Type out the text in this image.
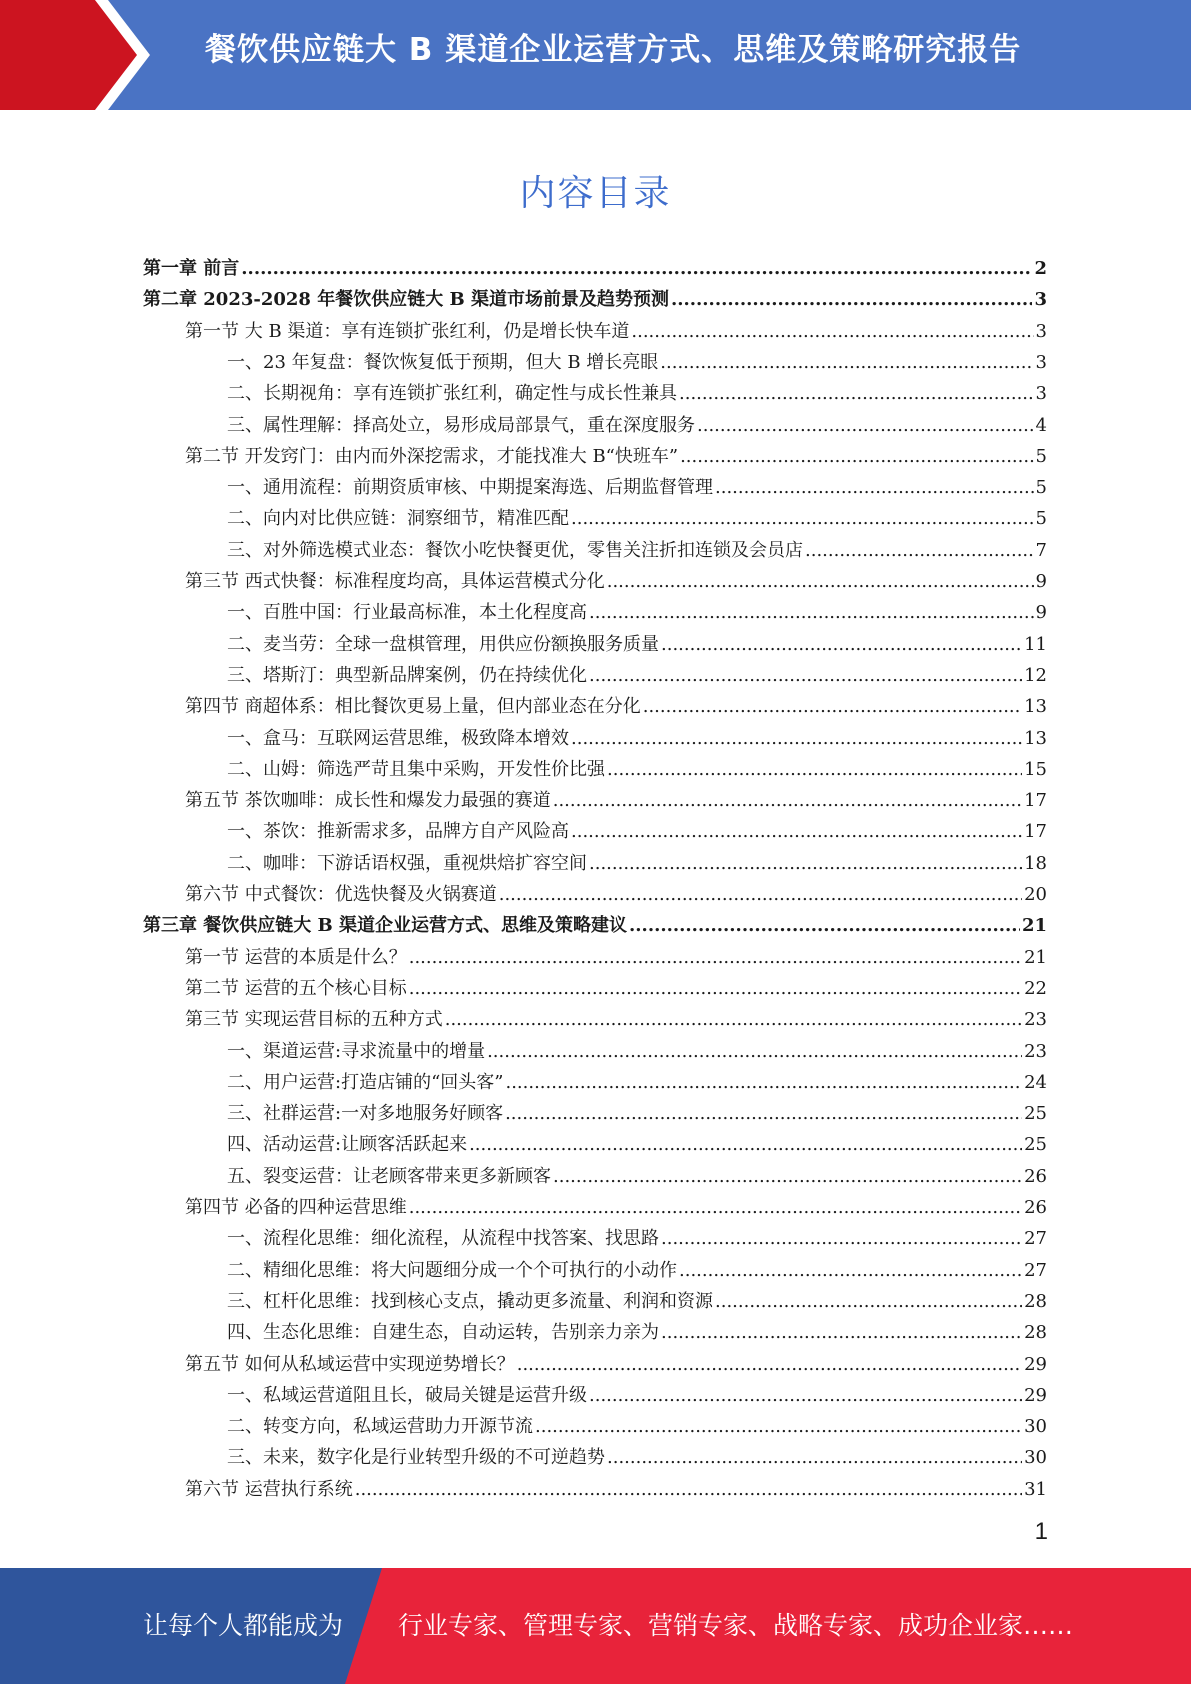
餐饮供应链大 B 渠道企业运营方式、思维及策略研究报告
内容目录
第一章 前言 .....	2
第二章 2023-2028 年餐饮供应链大 B 渠道市场前景及趋势预测 .....	3
第一节 大 B 渠道：享有连锁扩张红利，仍是增长快车道 .....	3
一、23 年复盘：餐饮恢复低于预期，但大 B 增长亮眼 .....	3
二、长期视角：享有连锁扩张红利，确定性与成长性兼具 .....	3
三、属性理解：择高处立，易形成局部景气，重在深度服务 .....	4
第二节 开发窍门：由内而外深挖需求，才能找准大 B“快班车” .....	5
一、通用流程：前期资质审核、中期提案海选、后期监督管理 .....	5
二、向内对比供应链：洞察细节，精准匹配 .....	5
三、对外筛选模式业态：餐饮小吃快餐更优，零售关注折扣连锁及会员店 .....	7
第三节 西式快餐：标准程度均高，具体运营模式分化 .....	9
一、百胜中国：行业最高标准，本土化程度高 .....	9
二、麦当劳：全球一盘棋管理，用供应份额换服务质量 .....	11
三、塔斯汀：典型新品牌案例，仍在持续优化 .....	12
第四节 商超体系：相比餐饮更易上量，但内部业态在分化 .....	13
一、盒马：互联网运营思维，极致降本增效 .....	13
二、山姆：筛选严苛且集中采购，开发性价比强 .....	15
第五节 茶饮咖啡：成长性和爆发力最强的赛道 .....	17
一、茶饮：推新需求多，品牌方自产风险高 .....	17
二、咖啡：下游话语权强，重视烘焙扩容空间 .....	18
第六节 中式餐饮：优选快餐及火锅赛道 .....	20
第三章 餐饮供应链大 B 渠道企业运营方式、思维及策略建议 .....	21
第一节 运营的本质是什么？ .....	21
第二节 运营的五个核心目标 .....	22
第三节 实现运营目标的五种方式 .....	23
一、渠道运营:寻求流量中的增量 .....	23
二、用户运营:打造店铺的“回头客” .....	24
三、社群运营:一对多地服务好顾客 .....	25
四、活动运营:让顾客活跃起来 .....	25
五、裂变运营：让老顾客带来更多新顾客 .....	26
第四节 必备的四种运营思维 .....	26
一、流程化思维：细化流程，从流程中找答案、找思路 .....	27
二、精细化思维：将大问题细分成一个个可执行的小动作 .....	27
三、杠杆化思维：找到核心支点，撬动更多流量、利润和资源 .....	28
四、生态化思维：自建生态，自动运转，告别亲力亲为 .....	28
第五节 如何从私域运营中实现逆势增长？ .....	29
一、私域运营道阻且长，破局关键是运营升级 .....	29
二、转变方向，私域运营助力开源节流 .....	30
三、未来，数字化是行业转型升级的不可逆趋势 .....	30
第六节 运营执行系统 .....	31
1
让每个人都能成为 行业专家、管理专家、营销专家、战略专家、成功企业家……
